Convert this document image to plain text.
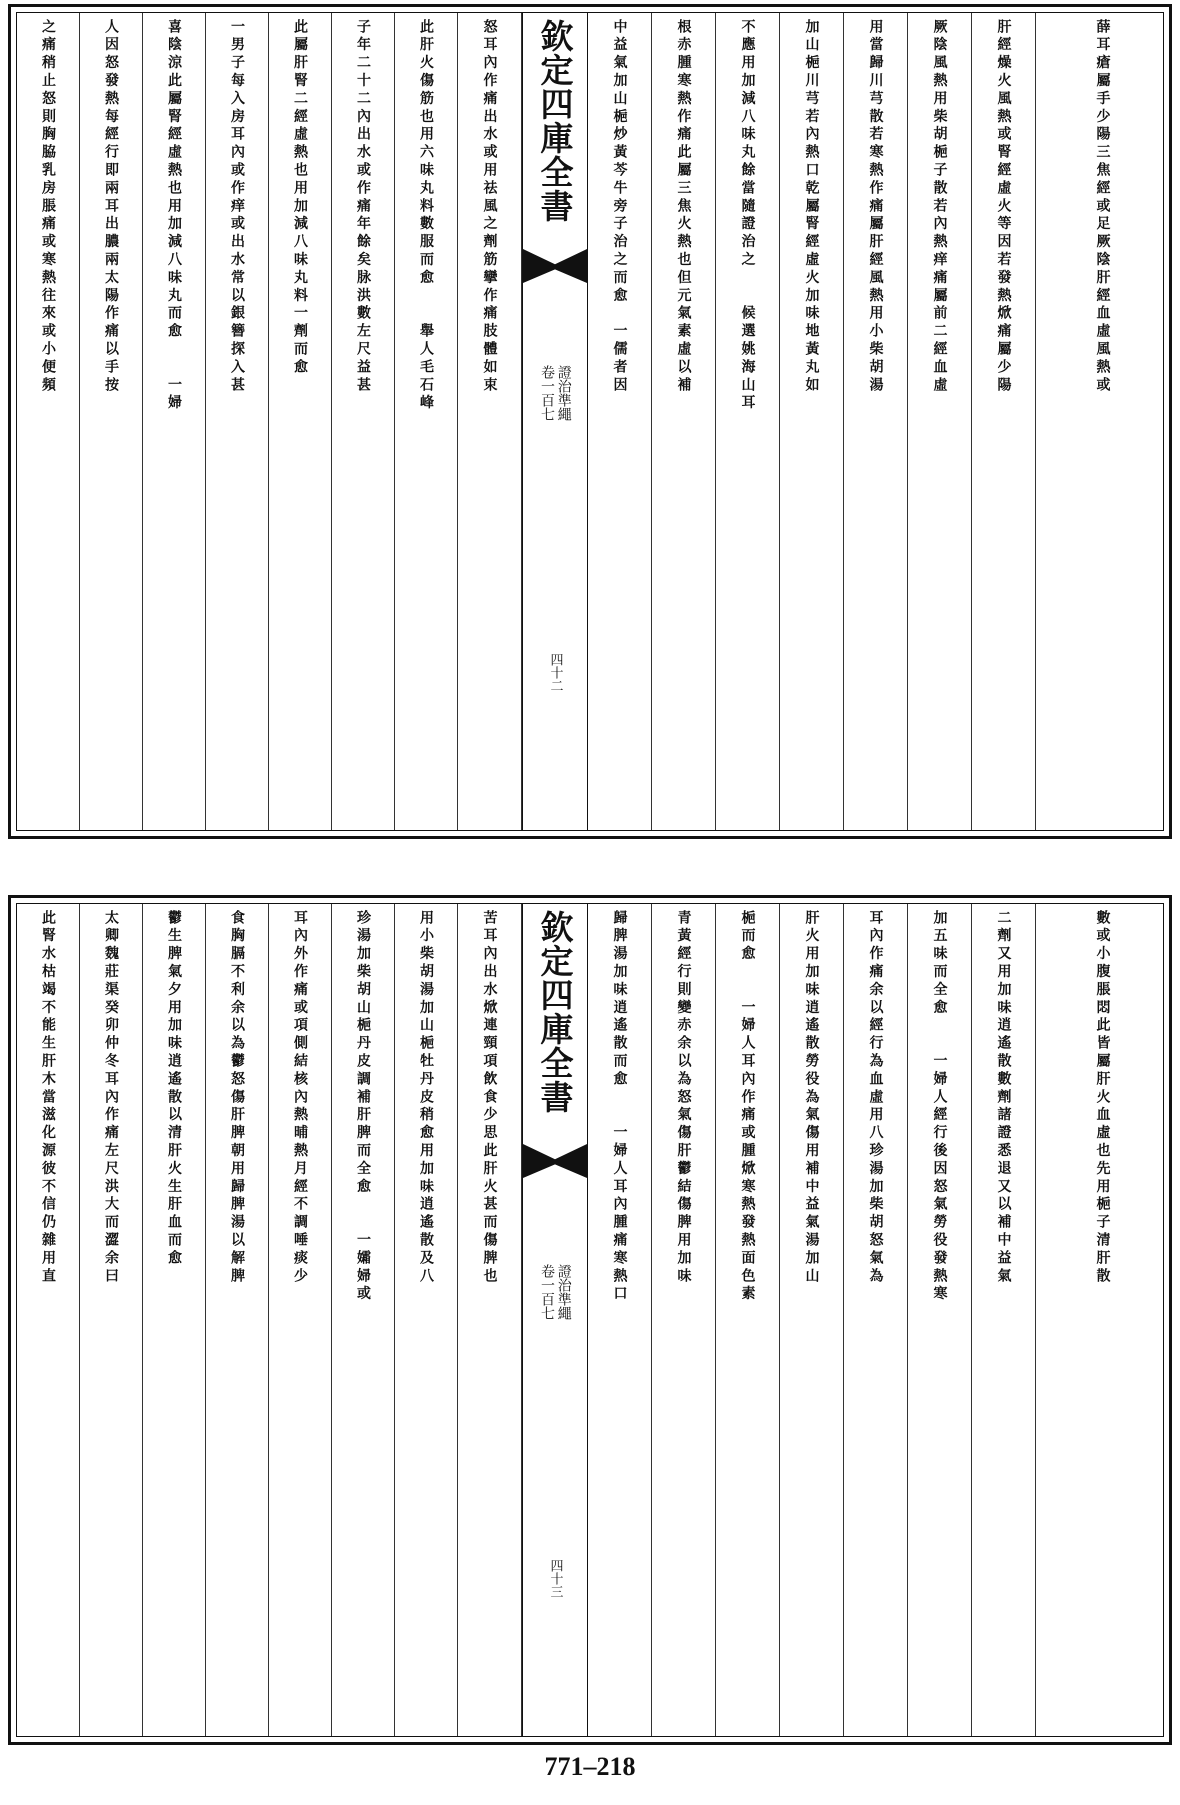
之痛稍止怒則胸脇乳房脹痛或寒熱往來或小便頻	人因怒發熱每經行即兩耳出膿兩太陽作痛以手按	喜陰涼此屬腎經虛熱也用加減八味丸而愈　　一婦	一男子每入房耳內或作痒或出水常以銀簪探入甚	此屬肝腎二經虛熱也用加減八味丸料一劑而愈	子年二十二內出水或作痛年餘矣脉洪數左尺益甚	此肝火傷筋也用六味丸料數服而愈　　舉人毛石峰	怒耳內作痛出水或用祛風之劑筋攣作痛肢體如束 欽定四庫全書
卷一百七 證治準繩
四十二
中益氣加山梔炒黃芩牛旁子治之而愈　一儒者因	根赤腫寒熱作痛此屬三焦火熱也但元氣素虛以補	不應用加減八味丸餘當隨證治之　　候選姚海山耳	加山梔川芎若內熱口乾屬腎經虛火加味地黃丸如	用當歸川芎散若寒熱作痛屬肝經風熱用小柴胡湯	厥陰風熱用柴胡梔子散若內熱痒痛屬前二經血虛	肝經燥火風熱或腎經虛火等因若發熱焮痛屬少陽	薛耳瘡屬手少陽三焦經或足厥陰肝經血虛風熱或
此腎水枯竭不能生肝木當滋化源彼不信仍雜用直	太卿魏莊渠癸卯仲冬耳內作痛左尺洪大而澀余曰	鬱生脾氣夕用加味逍遙散以清肝火生肝血而愈	食胸膈不利余以為鬱怒傷肝脾朝用歸脾湯以解脾	耳內外作痛或項側結核內熱晡熱月經不調唾痰少	珍湯加柴胡山梔丹皮調補肝脾而全愈　　一孀婦或	用小柴胡湯加山梔牡丹皮稍愈用加味逍遙散及八	苦耳內出水焮連頸項飲食少思此肝火甚而傷脾也 欽定四庫全書
卷一百七 證治準繩
四十三
歸脾湯加味逍遙散而愈　　一婦人耳內腫痛寒熱口	青黃經行則變赤余以為怒氣傷肝鬱結傷脾用加味	梔而愈　　一婦人耳內作痛或腫焮寒熱發熱面色素	肝火用加味逍遙散勞役為氣傷用補中益氣湯加山	耳內作痛余以經行為血虛用八珍湯加柴胡怒氣為	加五味而全愈　　一婦人經行後因怒氣勞役發熱寒	二劑又用加味逍遙散數劑諸證悉退又以補中益氣	數或小腹脹悶此皆屬肝火血虛也先用梔子清肝散
771–218
